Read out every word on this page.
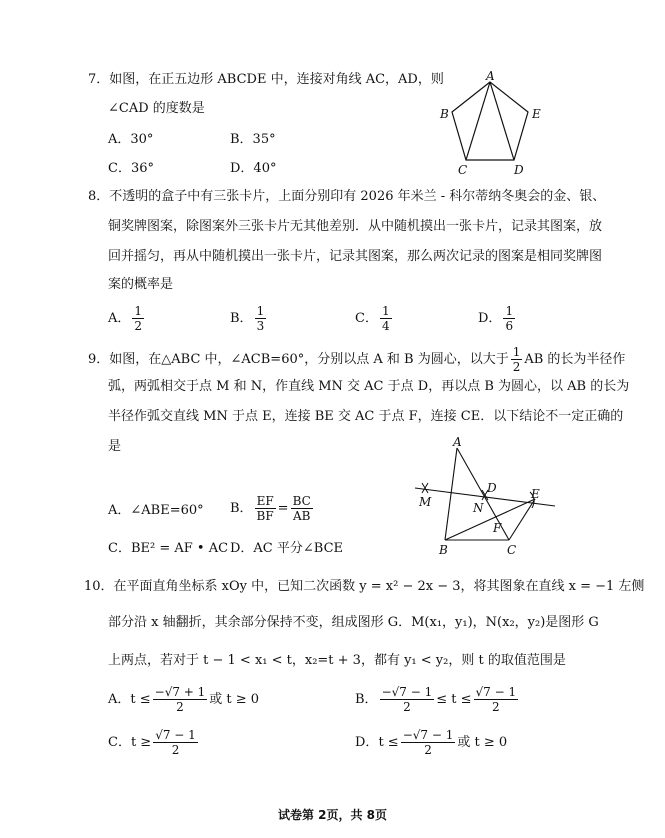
7．如图，在正五边形 ABCDE 中，连接对角线 AC，AD，则
∠CAD 的度数是
A．30°	B．35°
C．36°	D．40°
A
B
C	D
E
8．不透明的盒子中有三张卡片，上面分别印有 2026 年米兰 - 科尔蒂纳冬奥会的金、银、
铜奖牌图案，除图案外三张卡片无其他差别．从中随机摸出一张卡片，记录其图案，放
回并摇匀，再从中随机摸出一张卡片，记录其图案，那么两次记录的图案是相同奖牌图
案的概率是
A． $\frac{1}{2}$	B． $\frac{1}{3}$	C． $\frac{1}{4}$	D． $\frac{1}{6}$
9．如图，在△ABC 中，∠ACB=60°，分别以点 A 和 B 为圆心，以大于 $\frac{1}{2}$ AB 的长为半径作
弧，两弧相交于点 M 和 N，作直线 MN 交 AC 于点 D，再以点 B 为圆心，以 AB 的长为
半径作弧交直线 MN 于点 E，连接 BE 交 AC 于点 F，连接 CE．以下结论不一定正确的
是
A．∠ABE=60° B． $\frac{EF}{BF} = \frac{BC}{AB}$
C．BE² = AF • AC D．AC 平分∠BCE
A
M	N
D	E
F
B	C
10．在平面直角坐标系 xOy 中，已知二次函数 y = x² − 2x − 3，将其图象在直线 x = −1 左侧
部分沿 x 轴翻折，其余部分保持不变，组成图形 G．M(x₁，y₁)，N(x₂，y₂)是图形 G
上两点，若对于 t − 1 < x₁ < t，x₂=t + 3，都有 y₁ < y₂，则 t 的取值范围是
A．$t \le \frac{-√7 + 1}{2}$ 或 t ≥ 0	B． $\frac{-√7 - 1}{2} \le t \le \frac{√7 - 1}{2}$
C．$t \ge \frac{√7 - 1}{2}$	D．$t \le \frac{-√7 - 1}{2}$ 或 t ≥ 0
试卷第 2页，共 8页
